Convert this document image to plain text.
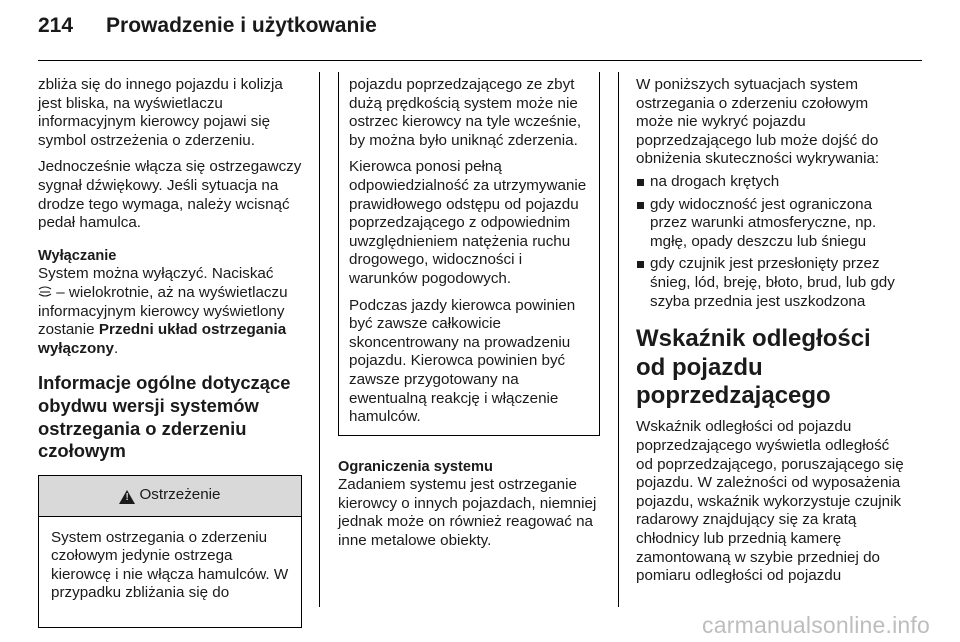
214 Prowadzenie i użytkowanie

zbliża się do innego pojazdu i kolizja jest bliska, na wyświetlaczu informacyjnym kierowcy pojawi się symbol ostrzeżenia o zderzeniu.

Jednocześnie włącza się ostrzegawczy sygnał dźwiękowy. Jeśli sytuacja na drodze tego wymaga, należy wcisnąć pedał hamulca.

Wyłączanie

System można wyłączyć. Naciskać
– wielokrotnie, aż na wyświetlaczu informacyjnym kierowcy wyświetlony zostanie Przedni układ ostrzegania wyłączony.

Informacje ogólne dotyczące obydwu wersji systemów ostrzegania o zderzeniu czołowym

!
Ostrzeżenie

System ostrzegania o zderzeniu czołowym jedynie ostrzega kierowcę i nie włącza hamulców. W przypadku zbliżania się do

pojazdu poprzedzającego ze zbyt dużą prędkością system może nie ostrzec kierowcy na tyle wcześnie, by można było uniknąć zderzenia.

Kierowca ponosi pełną odpowiedzialność za utrzymywanie prawidłowego odstępu od pojazdu poprzedzającego z odpowiednim uwzględnieniem natężenia ruchu drogowego, widoczności i warunków pogodowych.

Podczas jazdy kierowca powinien być zawsze całkowicie skoncentrowany na prowadzeniu pojazdu. Kierowca powinien być zawsze przygotowany na ewentualną reakcję i włączenie hamulców.

Ograniczenia systemu

Zadaniem systemu jest ostrzeganie kierowcy o innych pojazdach, niemniej jednak może on również reagować na inne metalowe obiekty.

W poniższych sytuacjach system ostrzegania o zderzeniu czołowym może nie wykryć pojazdu poprzedzającego lub może dojść do obniżenia skuteczności wykrywania:

na drogach krętych
gdy widoczność jest ograniczona przez warunki atmosferyczne, np. mgłę, opady deszczu lub śniegu
gdy czujnik jest przesłonięty przez śnieg, lód, breję, błoto, brud, lub gdy szyba przednia jest uszkodzona

Wskaźnik odległości od pojazdu poprzedzającego

Wskaźnik odległości od pojazdu poprzedzającego wyświetla odległość od poprzedzającego, poruszającego się pojazdu. W zależności od wyposażenia pojazdu, wskaźnik wykorzystuje czujnik radarowy znajdujący się za kratą chłodnicy lub przednią kamerę zamontowaną w szybie przedniej do pomiaru odległości od pojazdu

carmanualsonline.info
